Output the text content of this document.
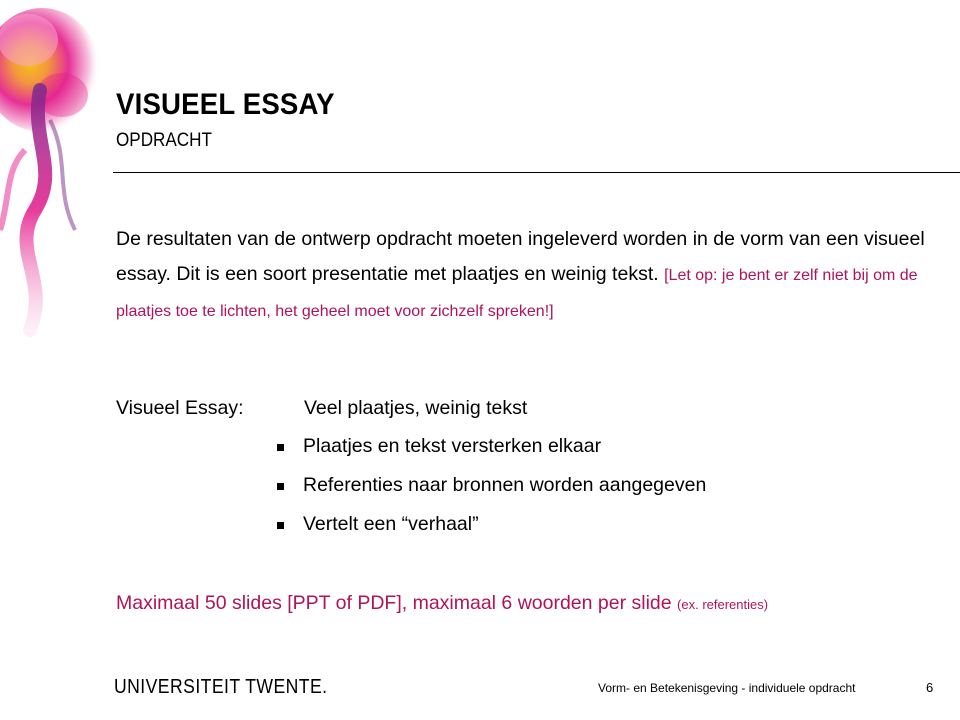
VISUEEL ESSAY

OPDRACHT

De resultaten van de ontwerp opdracht moeten ingeleverd worden in de vorm van een visueel essay. Dit is een soort presentatie met plaatjes en weinig tekst. [Let op: je bent er zelf niet bij om de plaatjes toe te lichten, het geheel moet voor zichzelf spreken!]

Visueel Essay:	Veel plaatjes, weinig tekst
Plaatjes en tekst versterken elkaar
Referenties naar bronnen worden aangegeven
Vertelt een “verhaal”
Maximaal 50 slides [PPT of PDF], maximaal 6 woorden per slide (ex. referenties)

UNIVERSITEIT TWENTE.	Vorm- en Betekenisgeving - individuele opdracht	6
